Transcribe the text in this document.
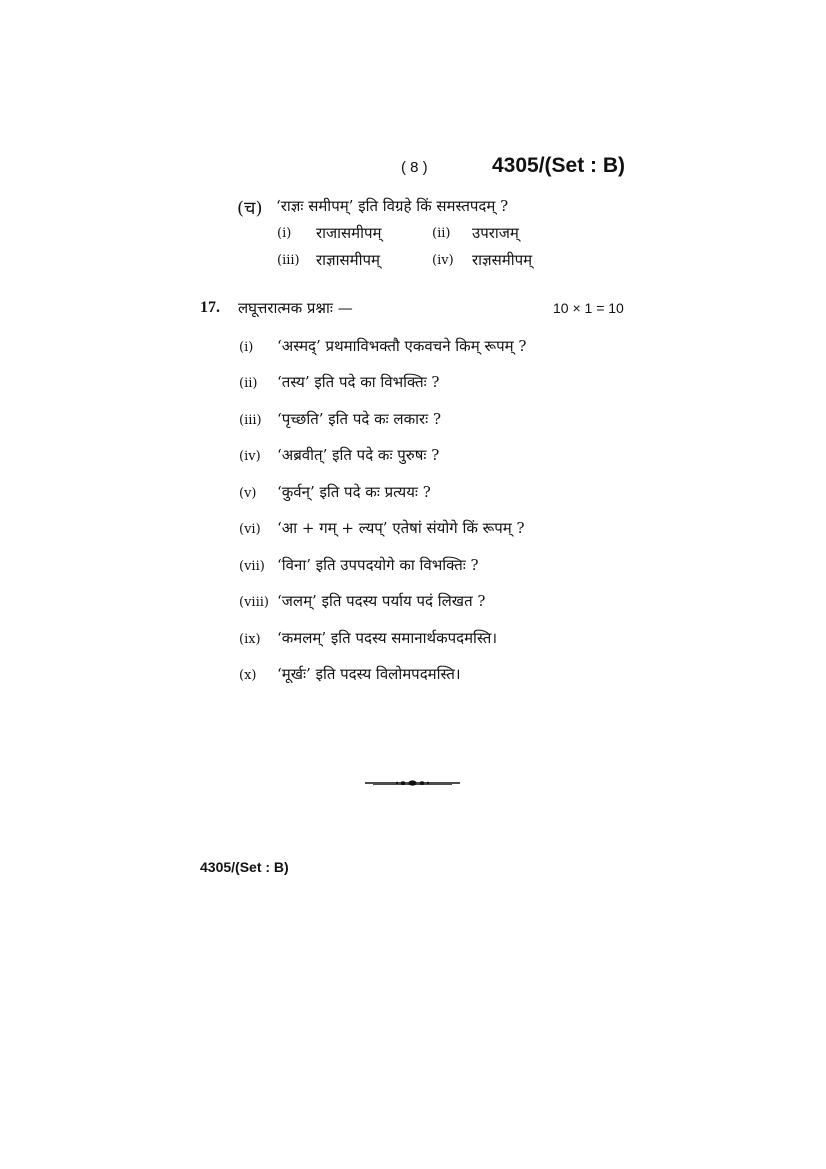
( 8 )	4305/(Set : B)
(च) ‘राज्ञः समीपम्’ इति विग्रहे किं समस्तपदम् ?
(i) राजासमीपम्	(ii) उपराजम्
(iii) राज्ञासमीपम्	(iv) राज्ञसमीपम्
17. लघूत्तरात्मक प्रश्नाः —	10 × 1 = 10
(i) ‘अस्मद्’ प्रथमाविभक्तौ एकवचने किम् रूपम् ?
(ii) ‘तस्य’ इति पदे का विभक्तिः ?
(iii) ‘पृच्छति’ इति पदे कः लकारः ?
(iv) ‘अब्रवीत्’ इति पदे कः पुरुषः ?
(v) ‘कुर्वन्’ इति पदे कः प्रत्ययः ?
(vi) ‘आ + गम् + ल्यप्’ एतेषां संयोगे किं रूपम् ?
(vii) ‘विना’ इति उपपदयोगे का विभक्तिः ?
(viii) ‘जलम्’ इति पदस्य पर्याय पदं लिखत ?
(ix) ‘कमलम्’ इति पदस्य समानार्थकपदमस्ति।
(x) ‘मूर्खः’ इति पदस्य विलोमपदमस्ति।
4305/(Set : B)
